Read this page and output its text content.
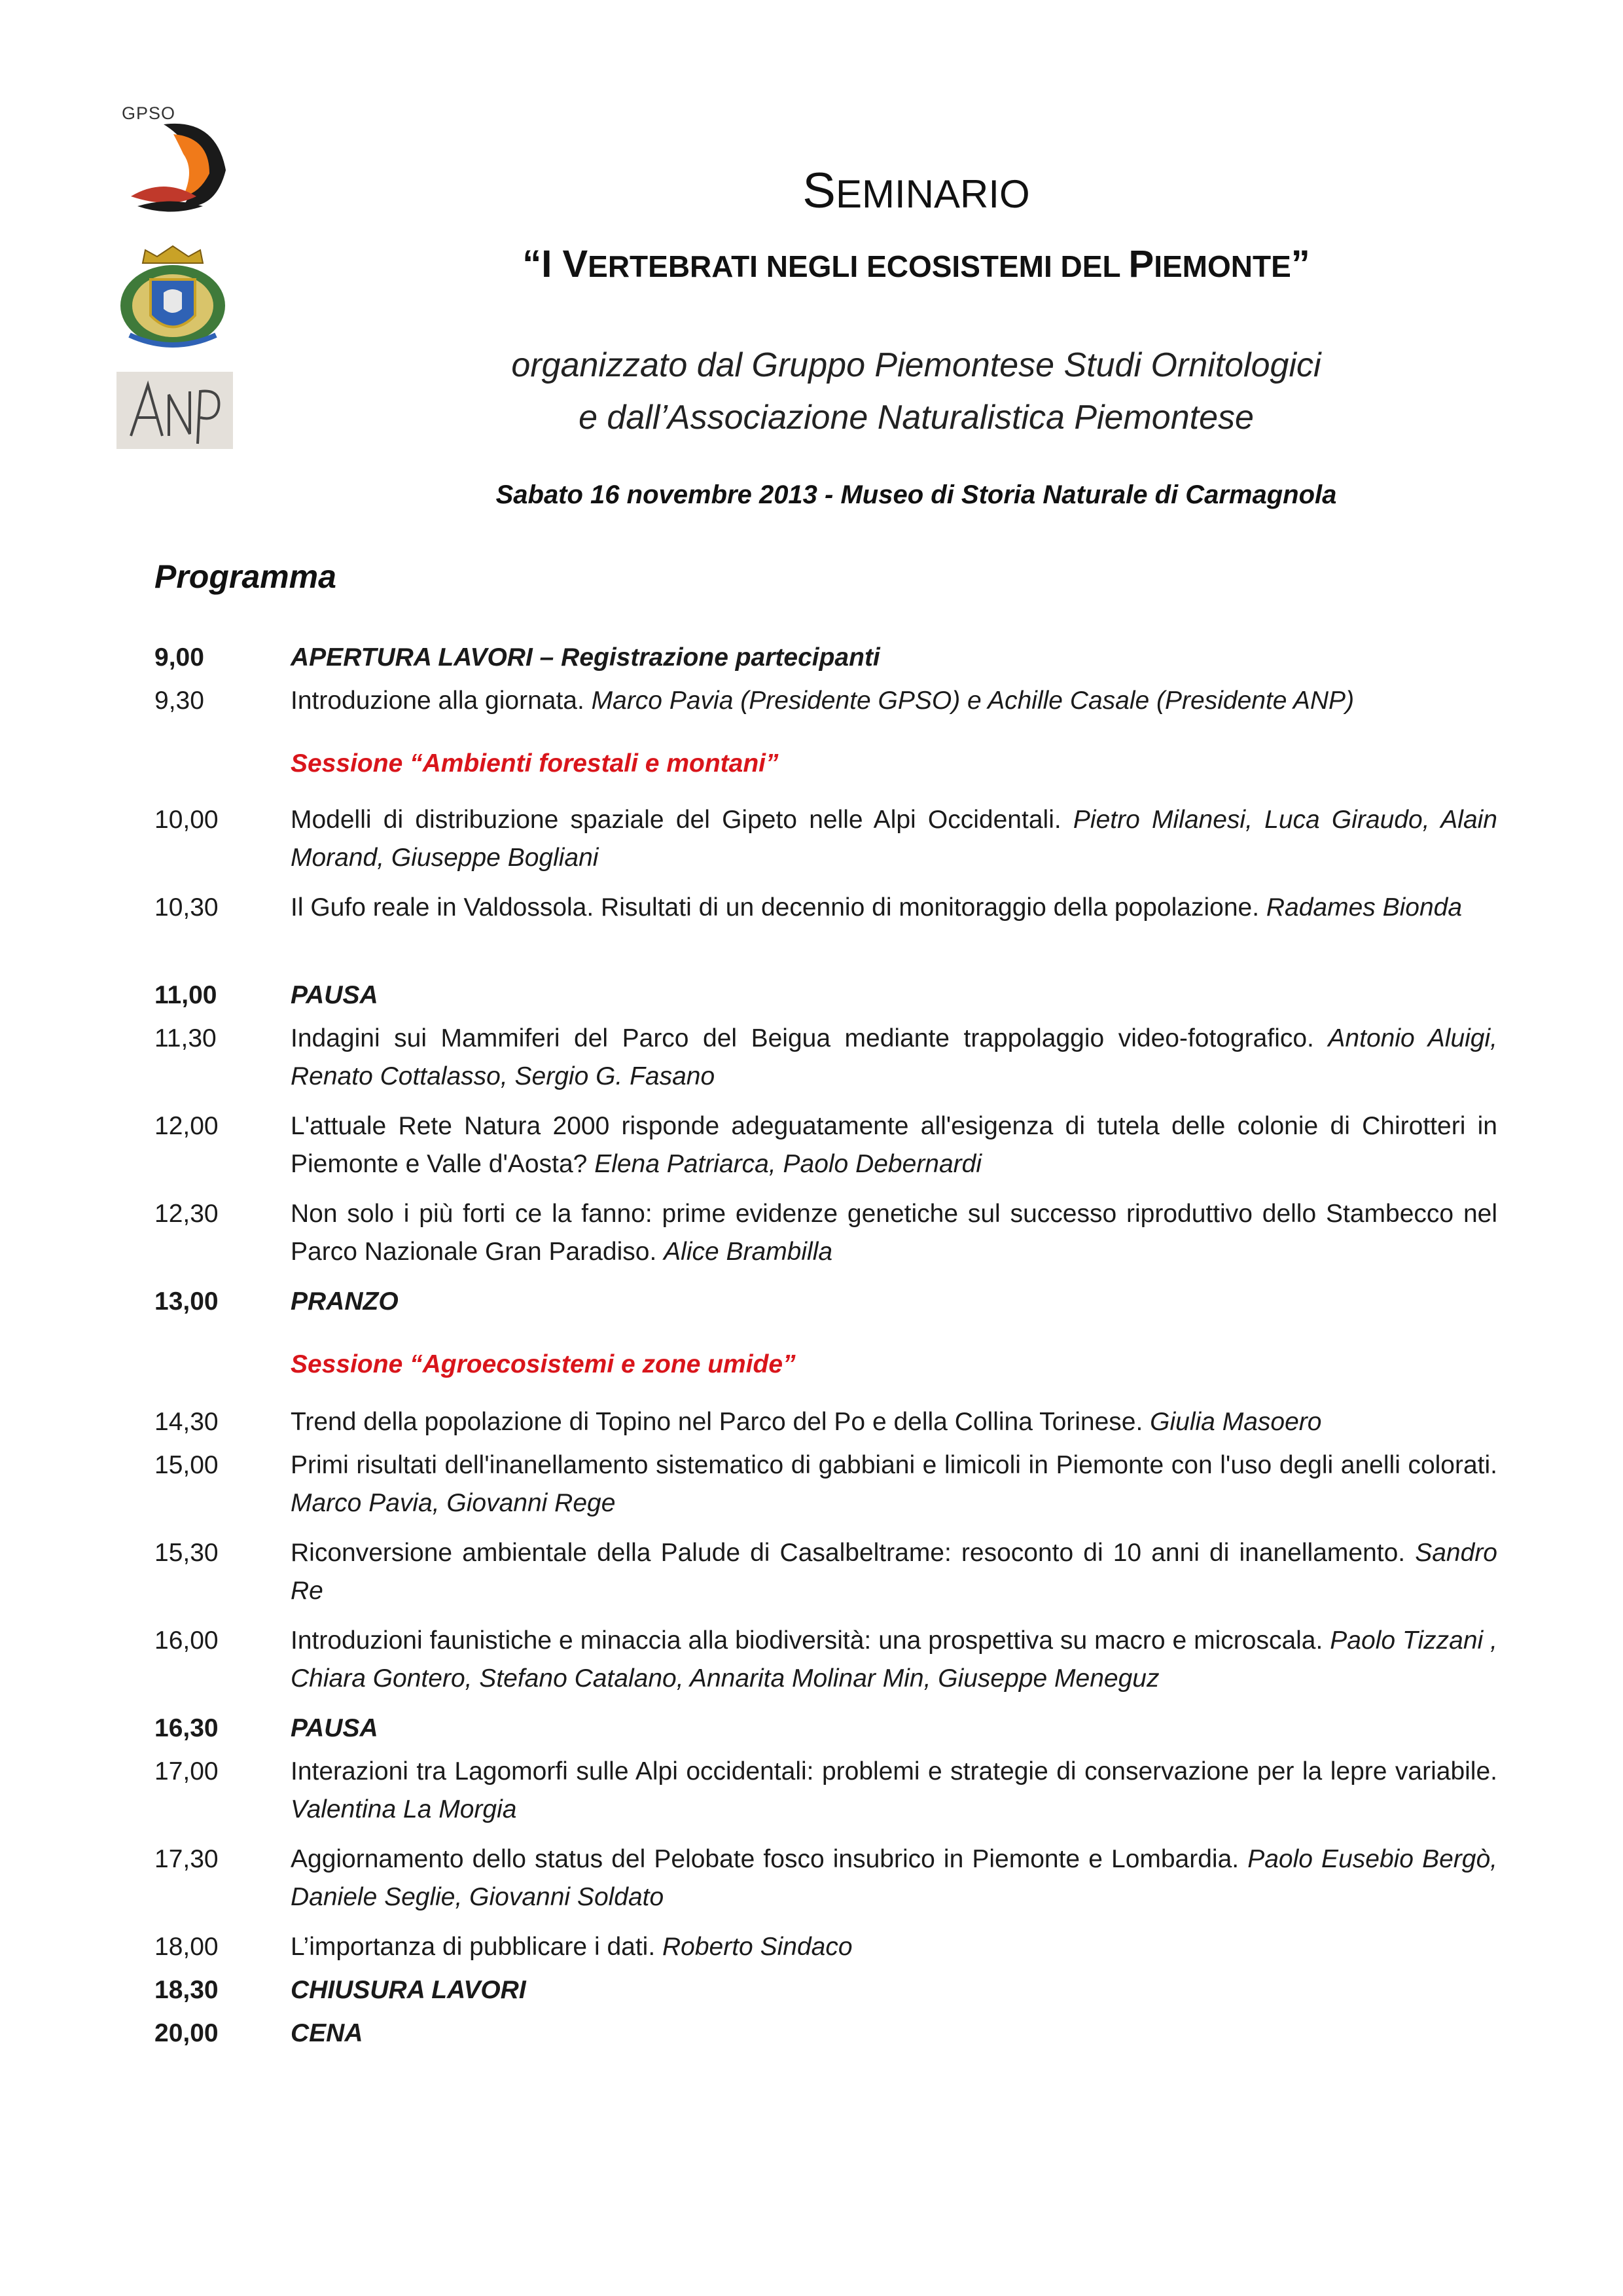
GPSO
SEMINARIO
“I VERTEBRATI NEGLI ECOSISTEMI DEL PIEMONTE”
organizzato dal Gruppo Piemontese Studi Ornitologici
e dall’Associazione Naturalistica Piemontese
Sabato 16 novembre 2013 - Museo di Storia Naturale di Carmagnola
Programma
9,00	APERTURA LAVORI – Registrazione partecipanti
9,30	Introduzione alla giornata. Marco Pavia (Presidente GPSO) e Achille Casale (Presidente ANP)
Sessione “Ambienti forestali e montani”
10,00	Modelli di distribuzione spaziale del Gipeto nelle Alpi Occidentali. Pietro Milanesi, Luca Giraudo, Alain Morand, Giuseppe Bogliani
10,30	Il Gufo reale in Valdossola. Risultati di un decennio di monitoraggio della popolazione. Radames Bionda
11,00	PAUSA
11,30	Indagini sui Mammiferi del Parco del Beigua mediante trappolaggio video-fotografico. Antonio Aluigi, Renato Cottalasso, Sergio G. Fasano
12,00	L'attuale Rete Natura 2000 risponde adeguatamente all'esigenza di tutela delle colonie di Chirotteri in Piemonte e Valle d'Aosta? Elena Patriarca, Paolo Debernardi
12,30	Non solo i più forti ce la fanno: prime evidenze genetiche sul successo riproduttivo dello Stambecco nel Parco Nazionale Gran Paradiso. Alice Brambilla
13,00	PRANZO
Sessione “Agroecosistemi e zone umide”
14,30	Trend della popolazione di Topino nel Parco del Po e della Collina Torinese. Giulia Masoero
15,00	Primi risultati dell'inanellamento sistematico di gabbiani e limicoli in Piemonte con l'uso degli anelli colorati. Marco Pavia, Giovanni Rege
15,30	Riconversione ambientale della Palude di Casalbeltrame: resoconto di 10 anni di inanellamento. Sandro Re
16,00	Introduzioni faunistiche e minaccia alla biodiversità: una prospettiva su macro e microscala. Paolo Tizzani , Chiara Gontero, Stefano Catalano, Annarita Molinar Min, Giuseppe Meneguz
16,30	PAUSA
17,00	Interazioni tra Lagomorfi sulle Alpi occidentali: problemi e strategie di conservazione per la lepre variabile. Valentina La Morgia
17,30	Aggiornamento dello status del Pelobate fosco insubrico in Piemonte e Lombardia. Paolo Eusebio Bergò, Daniele Seglie, Giovanni Soldato
18,00	L’importanza di pubblicare i dati. Roberto Sindaco
18,30	CHIUSURA LAVORI
20,00	CENA
